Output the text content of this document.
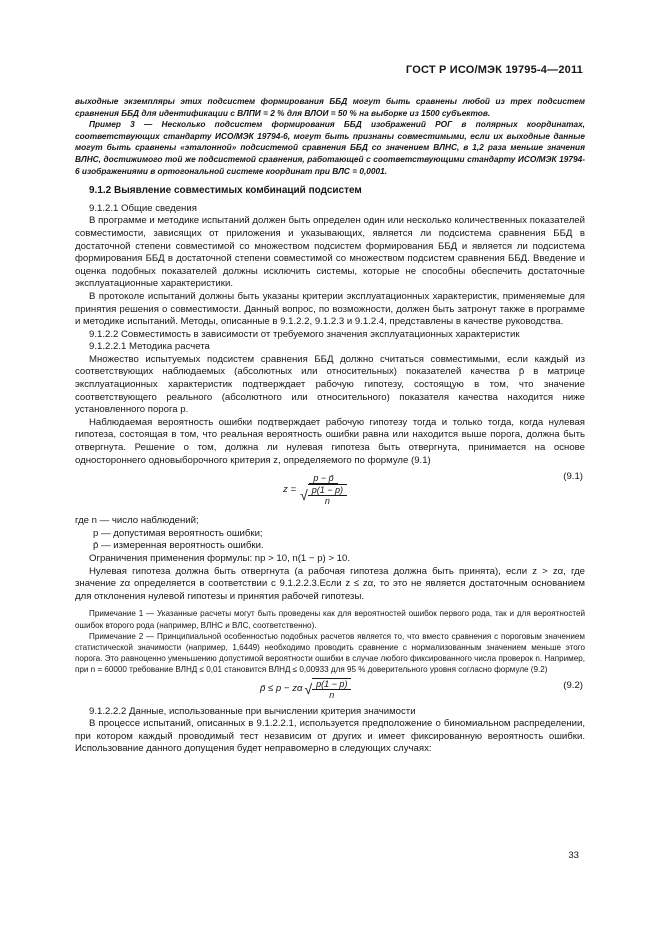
ГОСТ Р ИСО/МЭК 19795-4—2011

выходные экземпляры этих подсистем формирования ББД могут быть сравнены любой из трех подсистем сравнения ББД для идентификации с ВЛПИ = 2 % для ВЛОИ = 50 % на выборке из 1500 субъектов.

Пример 3 — Несколько подсистем формирования ББД изображений РОГ в полярных координатах, соответствующих стандарту ИСО/МЭК 19794-6, могут быть признаны совместимыми, если их выходные данные могут быть сравнены «эталонной» подсистемой сравнения ББД со значением ВЛНС, в 1,2 раза меньше значения ВЛНС, достижимого той же подсистемой сравнения, работающей с соответствующими стандарту ИСО/МЭК 19794-6 изображениями в ортогональной системе координат при ВЛС = 0,0001.

9.1.2 Выявление совместимых комбинаций подсистем

9.1.2.1 Общие сведения

В программе и методике испытаний должен быть определен один или несколько количественных показателей совместимости, зависящих от приложения и указывающих, является ли подсистема сравнения ББД в достаточной степени совместимой со множеством подсистем формирования ББД и является ли подсистема формирования ББД в достаточной степени совместимой со множеством подсистем сравнения ББД. Введение и оценка подобных показателей должны исключить системы, которые не способны обеспечить достаточные эксплуатационные характеристики.

В протоколе испытаний должны быть указаны критерии эксплуатационных характеристик, применяемые для принятия решения о совместимости. Данный вопрос, по возможности, должен быть затронут также в программе и методике испытаний. Методы, описанные в 9.1.2.2, 9.1.2.3 и 9.1.2.4, представлены в качестве руководства.

9.1.2.2 Совместимость в зависимости от требуемого значения эксплуатационных характеристик

9.1.2.2.1 Методика расчета

Множество испытуемых подсистем сравнения ББД должно считаться совместимыми, если каждый из соответствующих наблюдаемых (абсолютных или относительных) показателей качества p̄ в матрице эксплуатационных характеристик подтверждает рабочую гипотезу, состоящую в том, что значение соответствующего реального (абсолютного или относительного) показателя качества находится ниже установленного порога p.

Наблюдаемая вероятность ошибки подтверждает рабочую гипотезу тогда и только тогда, когда нулевая гипотеза, состоящая в том, что реальная вероятность ошибки равна или находится выше порога, должна быть отвергнута. Решение о том, должна ли нулевая гипотеза быть отвергнута, принимается на основе одностороннего одновыборочного критерия z, определяемого по формуле (9.1)

$z = \frac{p - p̄}{√ \frac{p(1 - p)}{n}}$	(9.1)

где n — число наблюдений;

p — допустимая вероятность ошибки;

p̄ — измеренная вероятность ошибки.

Ограничения применения формулы: np > 10, n(1 − p) > 10.

Нулевая гипотеза должна быть отвергнута (а рабочая гипотеза должна быть принята), если z > zα, где значение zα определяется в соответствии с 9.1.2.2.3.Если z ≤ zα, то это не является достаточным основанием для отклонения нулевой гипотезы и принятия рабочей гипотезы.

Примечание 1 — Указанные расчеты могут быть проведены как для вероятностей ошибок первого рода, так и для вероятностей ошибок второго рода (например, ВЛНС и ВЛС, соответственно).

Примечание 2 — Принципиальной особенностью подобных расчетов является то, что вместо сравнения с пороговым значением статистической значимости (например, 1,6449) необходимо проводить сравнение с нормализованным значением меньше этого порога. Это равноценно уменьшению допустимой вероятности ошибки в случае любого фиксированного числа проверок n. Например, при n = 60000 требование ВЛНД ≤ 0,01 становится ВЛНД ≤ 0,00933 для 95 % доверительного уровня согласно формуле (9.2)

p̄ ≤ p − zα √ $\frac{p(1 - p)}{n}$	(9.2)

9.1.2.2.2 Данные, использованные при вычислении критерия значимости

В процессе испытаний, описанных в 9.1.2.2.1, используется предположение о биномиальном распределении, при котором каждый проводимый тест независим от других и имеет фиксированную вероятность ошибки. Использование данного допущения будет неправомерно в следующих случаях:

33
